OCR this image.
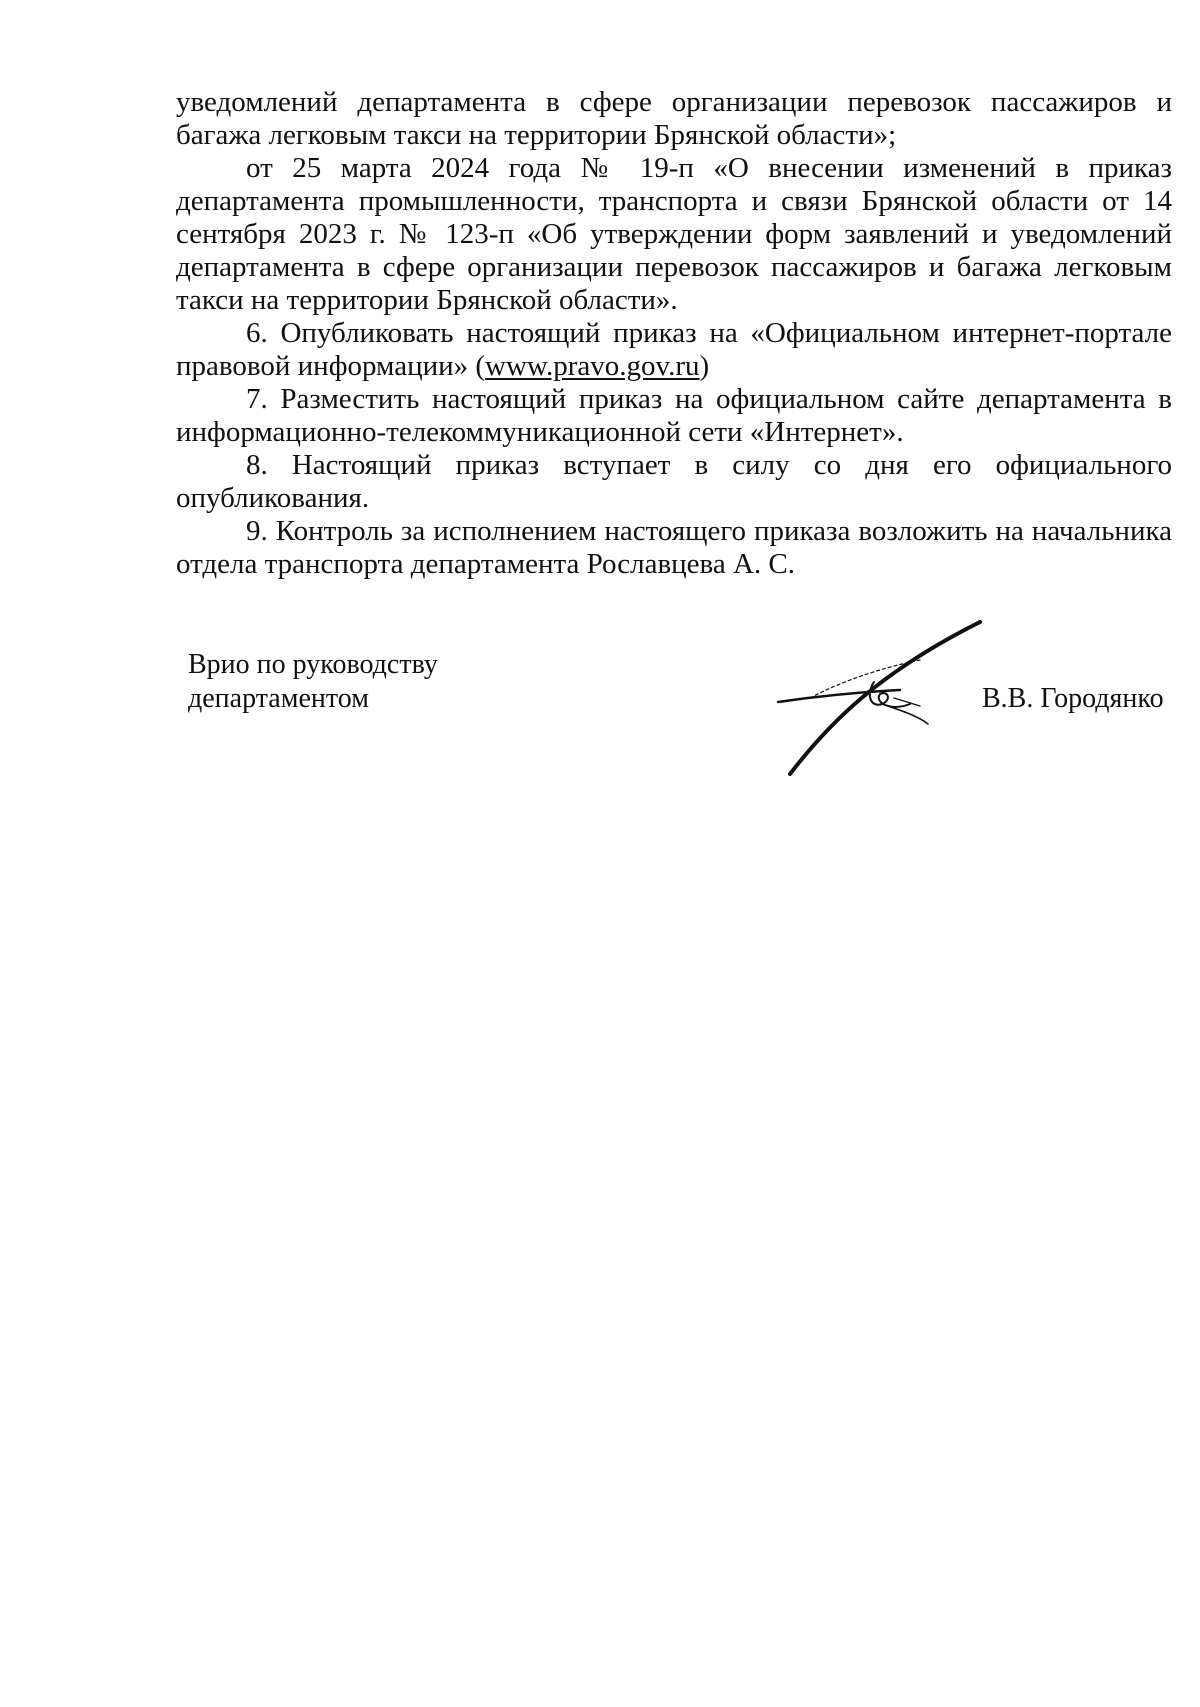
уведомлений департамента в сфере организации перевозок пассажиров и багажа легковым такси на территории Брянской области»;

от 25 марта 2024 года № 19-п «О внесении изменений в приказ департамента промышленности, транспорта и связи Брянской области от 14 сентября 2023 г. № 123-п «Об утверждении форм заявлений и уведомлений департамента в сфере организации перевозок пассажиров и багажа легковым такси на территории Брянской области».

6. Опубликовать настоящий приказ на «Официальном интернет-портале правовой информации» (www.pravo.gov.ru)

7. Разместить настоящий приказ на официальном сайте департамента в информационно-телекоммуникационной сети «Интернет».

8. Настоящий приказ вступает в силу со дня его официального опубликования.

9. Контроль за исполнением настоящего приказа возложить на начальника отдела транспорта департамента Рославцева А. С.

Врио по руководству
департаментом	В.В. Городянко
